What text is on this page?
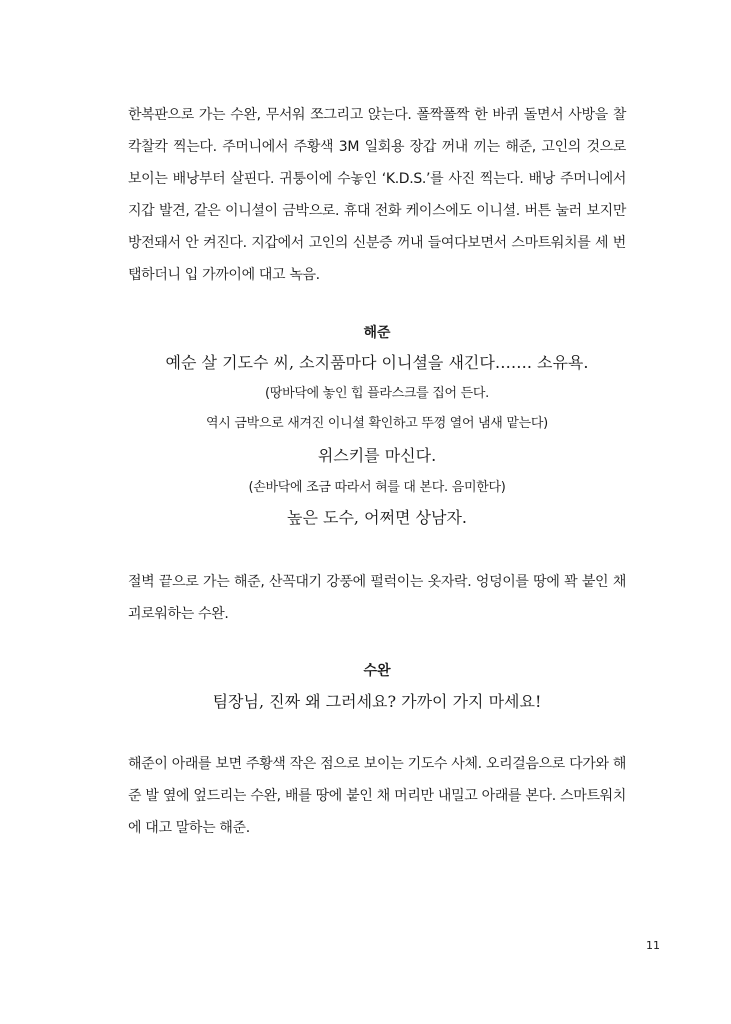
한복판으로 가는 수완, 무서워 쪼그리고 앉는다. 폴짝폴짝 한 바퀴 돌면서 사방을 찰칵찰칵 찍는다. 주머니에서 주황색 3M 일회용 장갑 꺼내 끼는 해준, 고인의 것으로 보이는 배낭부터 살핀다. 귀퉁이에 수놓인 ‘K.D.S.’를 사진 찍는다. 배낭 주머니에서 지갑 발견, 같은 이니셜이 금박으로. 휴대 전화 케이스에도 이니셜. 버튼 눌러 보지만 방전돼서 안 켜진다. 지갑에서 고인의 신분증 꺼내 들여다보면서 스마트워치를 세 번 탭하더니 입 가까이에 대고 녹음.

해준

예순 살 기도수 씨, 소지품마다 이니셜을 새긴다……. 소유욕.

(땅바닥에 놓인 힙 플라스크를 집어 든다.

역시 금박으로 새겨진 이니셜 확인하고 뚜껑 열어 냄새 맡는다)

위스키를 마신다.

(손바닥에 조금 따라서 혀를 대 본다. 음미한다)

높은 도수, 어쩌면 상남자.

절벽 끝으로 가는 해준, 산꼭대기 강풍에 펄럭이는 옷자락. 엉덩이를 땅에 꽉 붙인 채 괴로워하는 수완.

수완

팀장님, 진짜 왜 그러세요? 가까이 가지 마세요!

해준이 아래를 보면 주황색 작은 점으로 보이는 기도수 사체. 오리걸음으로 다가와 해준 발 옆에 엎드리는 수완, 배를 땅에 붙인 채 머리만 내밀고 아래를 본다. 스마트워치에 대고 말하는 해준.

11
